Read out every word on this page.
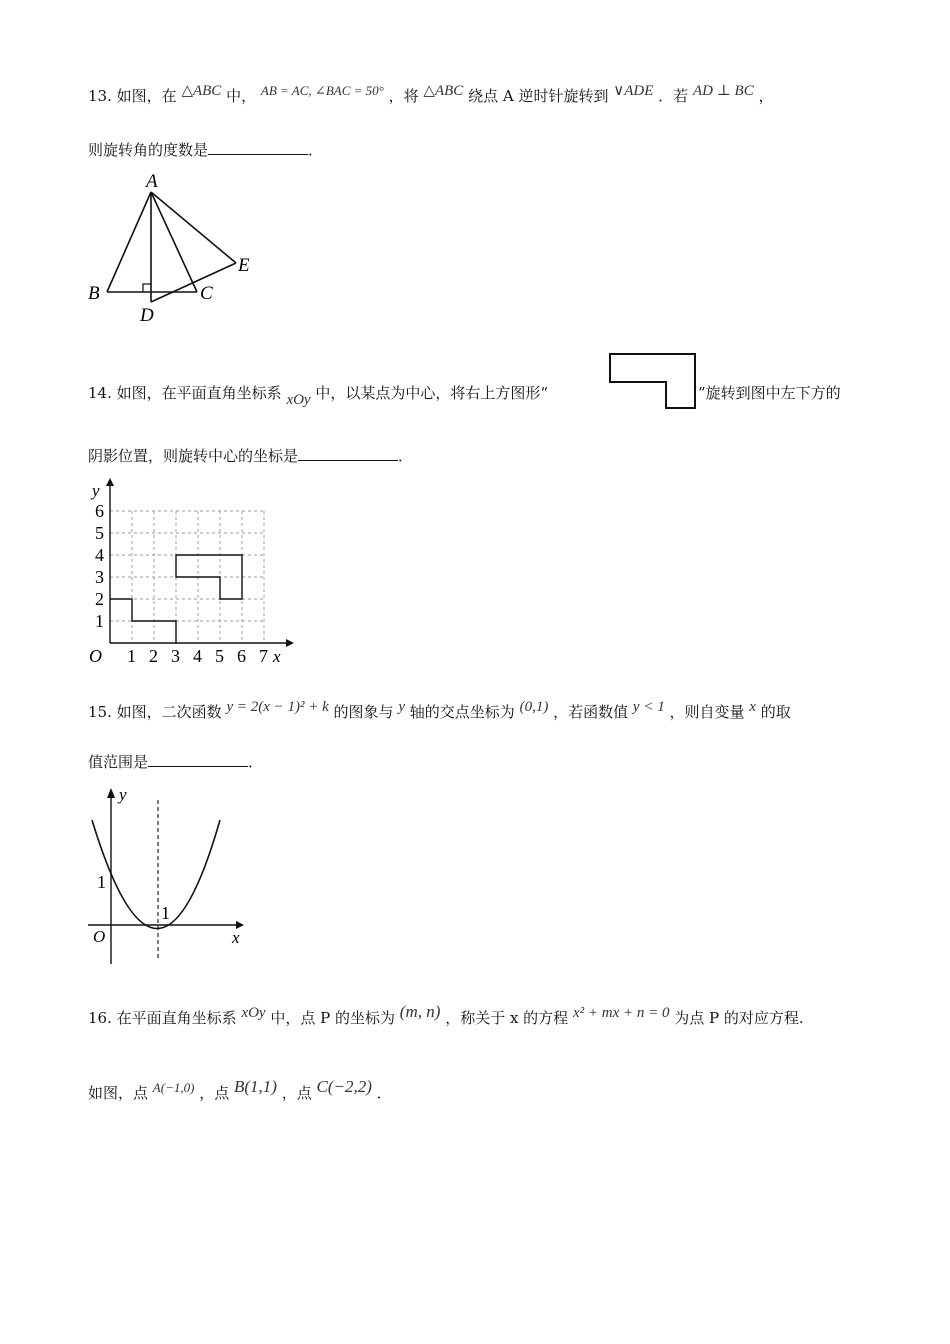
13. 如图，在 △ABC 中， AB = AC, ∠BAC = 50° ，将 △ABC 绕点 A 逆时针旋转到 ∨ADE ．若 AD ⊥ BC ，
则旋转角的度数是	．
A
B	C
D
E
14. 如图，在平面直角坐标系 xOy 中，以某点为中心，将右上方图形“	”旋转到图中左下方的
阴影位置，则旋转中心的坐标是	．
y
x
O 1 2 3 4 5 6 7
1
2
3
4
5
6
15. 如图，二次函数 y = 2(x − 1)² + k 的图象与 y 轴的交点坐标为 (0,1) ，若函数值 y < 1 ，则自变量 x 的取
值范围是	．
y
x
O
1
1
16. 在平面直角坐标系 xOy 中，点 P 的坐标为 (m, n) ，称关于 x 的方程 x² + mx + n = 0 为点 P 的对应方程.
如图，点 A(−1,0) ，点 B(1,1) ，点 C(−2,2) ．
